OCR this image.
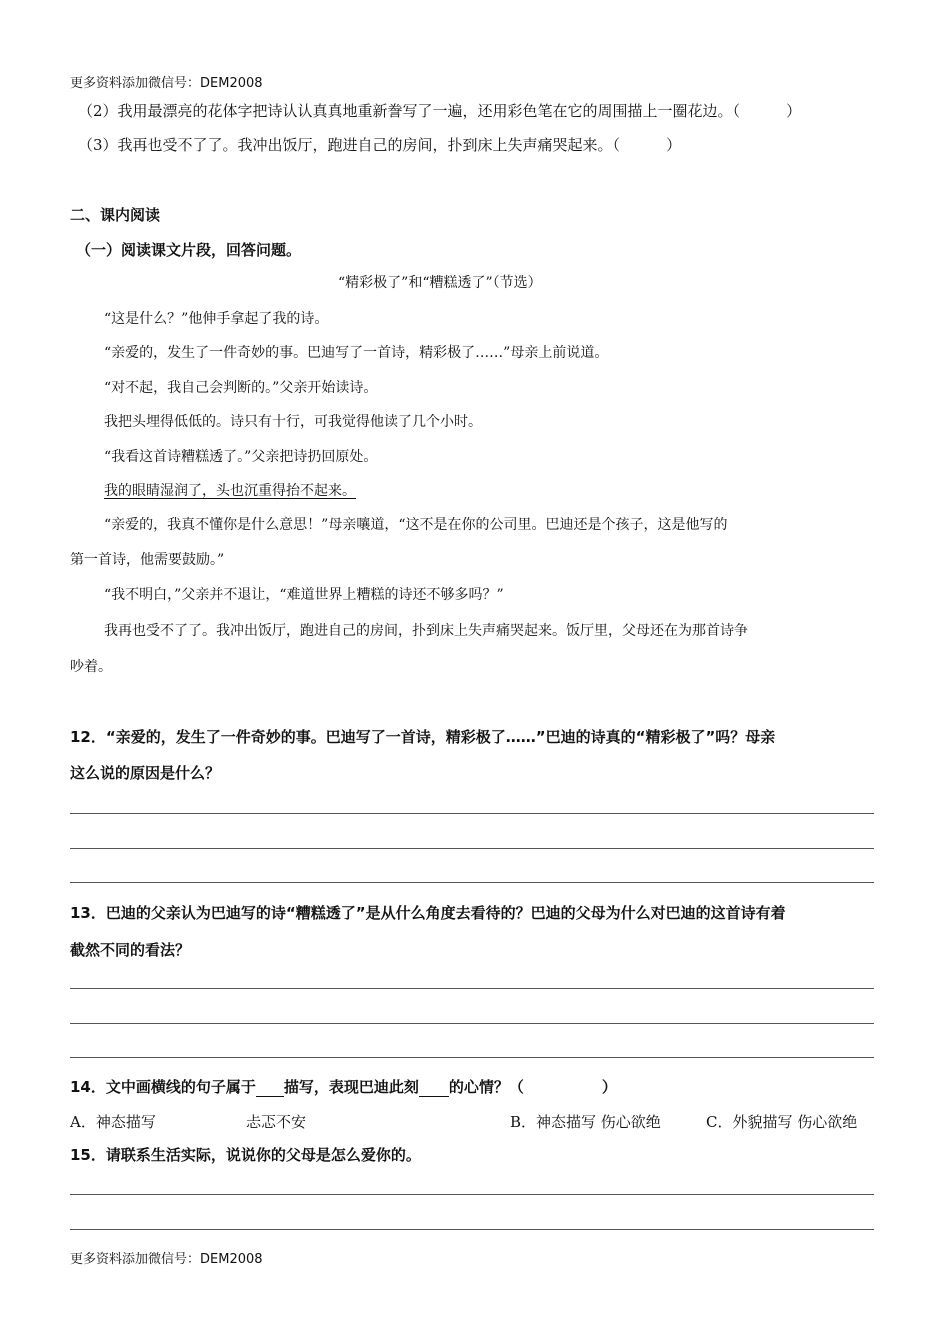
更多资料添加微信号：DEM2008
（2）我用最漂亮的花体字把诗认认真真地重新誊写了一遍，还用彩色笔在它的周围描上一圈花边。（	）
（3）我再也受不了了。我冲出饭厅，跑进自己的房间，扑到床上失声痛哭起来。（	）
二、课内阅读
（一）阅读课文片段，回答问题。
“精彩极了”和“糟糕透了”（节选）
“这是什么？”他伸手拿起了我的诗。
“亲爱的，发生了一件奇妙的事。巴迪写了一首诗，精彩极了……”母亲上前说道。
“对不起，我自己会判断的。”父亲开始读诗。
我把头埋得低低的。诗只有十行，可我觉得他读了几个小时。
“我看这首诗糟糕透了。”父亲把诗扔回原处。
我的眼睛湿润了，头也沉重得抬不起来。
“亲爱的，我真不懂你是什么意思！”母亲嚷道，“这不是在你的公司里。巴迪还是个孩子，这是他写的
第一首诗，他需要鼓励。”
“我不明白，”父亲并不退让，“难道世界上糟糕的诗还不够多吗？”
我再也受不了了。我冲出饭厅，跑进自己的房间，扑到床上失声痛哭起来。饭厅里，父母还在为那首诗争
吵着。
12．“亲爱的，发生了一件奇妙的事。巴迪写了一首诗，精彩极了……”巴迪的诗真的“精彩极了”吗？母亲
这么说的原因是什么？
13．巴迪的父亲认为巴迪写的诗“糟糕透了”是从什么角度去看待的？巴迪的父母为什么对巴迪的这首诗有着
截然不同的看法？
14．文中画横线的句子属于 描写，表现巴迪此刻 的心情？（	）
A．神态描写	忐忑不安	B．神态描写 伤心欲绝	C．外貌描写 伤心欲绝
15．请联系生活实际，说说你的父母是怎么爱你的。
更多资料添加微信号：DEM2008
